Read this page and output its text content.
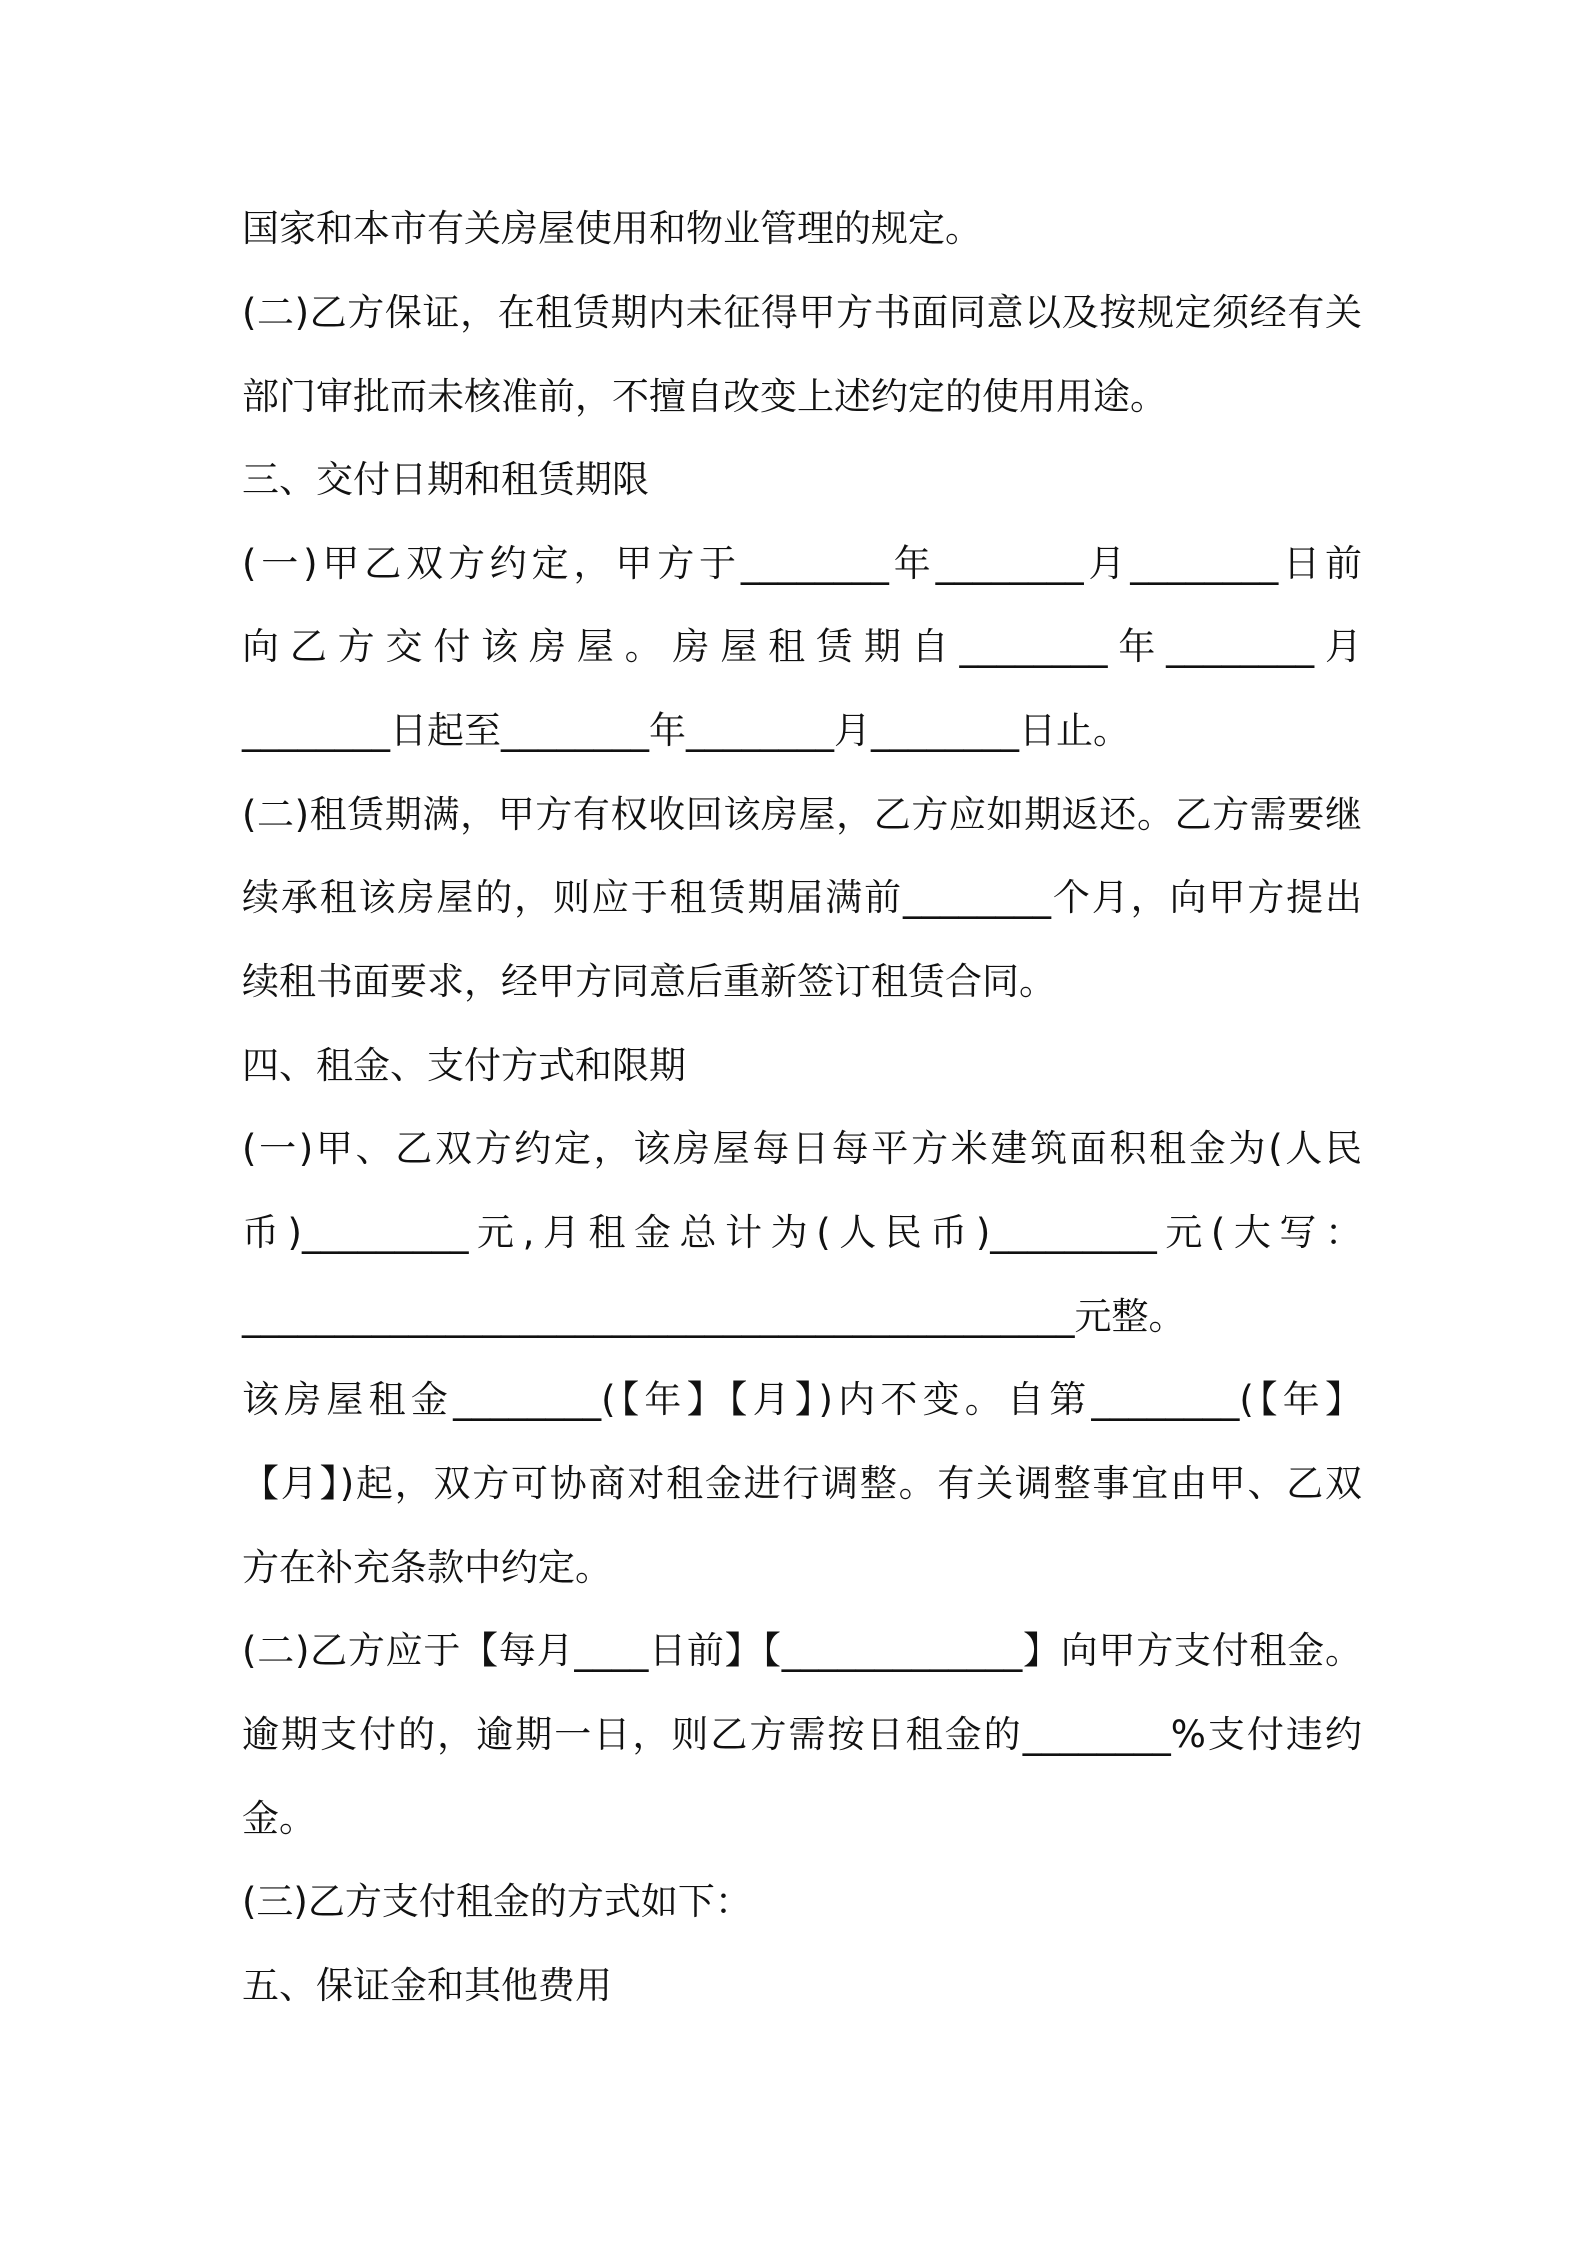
国家和本市有关房屋使用和物业管理的规定。
(二)乙方保证，在租赁期内未征得甲方书面同意以及按规定须经有关
部门审批而未核准前，不擅自改变上述约定的使用用途。
三、交付日期和租赁期限
(一)甲乙双方约定，甲方于________年________月________日前
向乙方交付该房屋。房屋租赁期自________年________月
________日起至________年________月________日止。
(二)租赁期满，甲方有权收回该房屋，乙方应如期返还。乙方需要继
续承租该房屋的，则应于租赁期届满前________个月，向甲方提出
续租书面要求，经甲方同意后重新签订租赁合同。
四、租金、支付方式和限期
(一)甲、乙双方约定，该房屋每日每平方米建筑面积租金为(人民
币)_________元,月租金总计为(人民币)_________元(大写：
_____________________________________________元整。
该房屋租金________(【年】【月】)内不变。自第________(【年】
【月】)起，双方可协商对租金进行调整。有关调整事宜由甲、乙双
方在补充条款中约定。
(二)乙方应于【每月____日前】【_____________】向甲方支付租金。
逾期支付的，逾期一日，则乙方需按日租金的________%支付违约
金。
(三)乙方支付租金的方式如下：
五、保证金和其他费用
